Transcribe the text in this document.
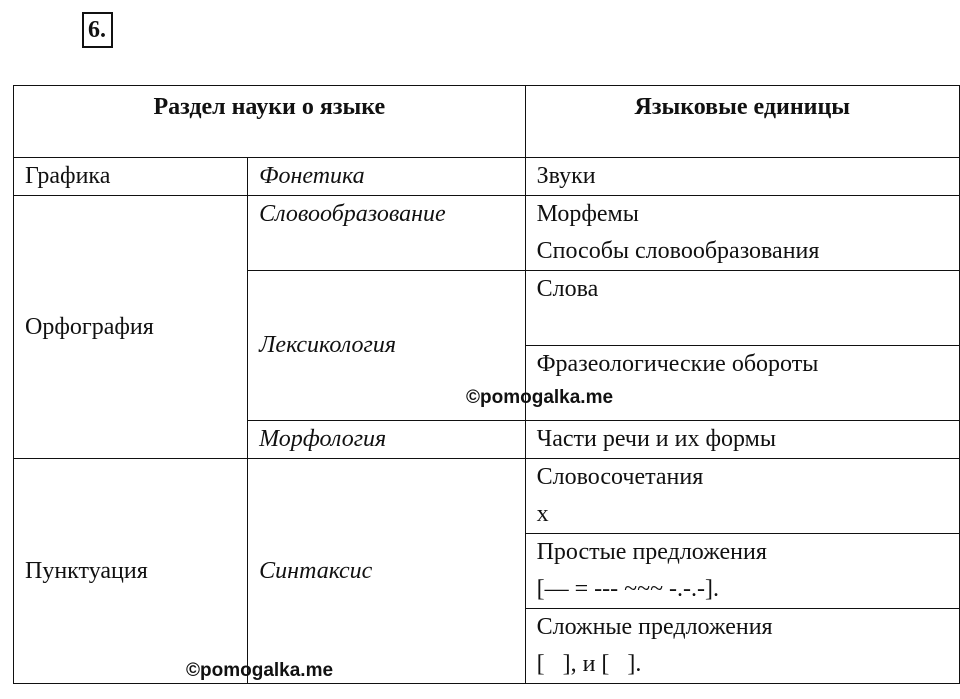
6.
Раздел науки о языке		Языковые единицы
Графика	Фонетика	Звуки
Орфография	Словообразование	Морфемы
Способы словообразования

	Лексикология	Слова
		Фразеологические обороты
	Морфология	Части речи и их формы
Пунктуация	Синтаксис	Словосочетания
x

		Простые предложения
[— = --- ~~~ -.-.-].

		Сложные предложения
[   ], и [   ].
©pomogalka.me
©pomogalka.me
